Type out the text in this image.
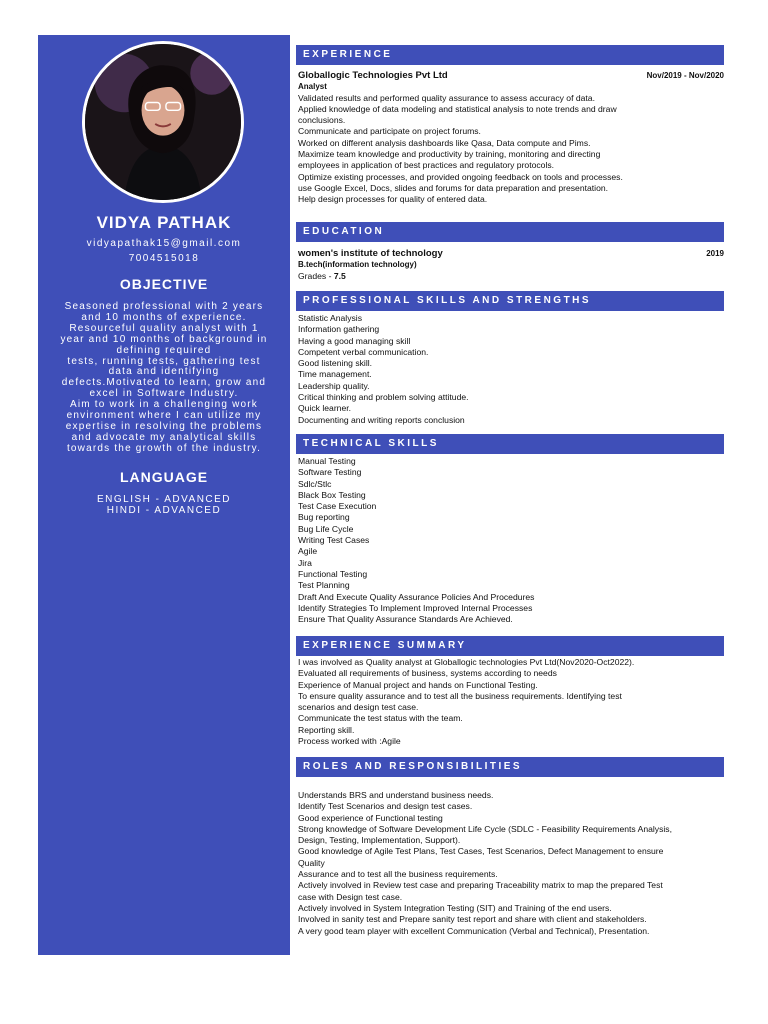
VIDYA PATHAK
vidyapathak15@gmail.com
7004515018
OBJECTIVE

Seasoned professional with 2 years

and 10 months of experience.

Resourceful quality analyst with 1

year and 10 months of background in

defining required

tests, running tests, gathering test

data and identifying

defects.Motivated to learn, grow and

excel in Software Industry.

Aim to work in a challenging work

environment where I can utilize my

expertise in resolving the problems

and advocate my analytical skills

towards the growth of the industry.

LANGUAGE
ENGLISH - ADVANCED
HINDI - ADVANCED
EXPERIENCE
Globallogic Technologies Pvt Ltd	Nov/2019 - Nov/2020
Analyst
Validated results and performed quality assurance to assess accuracy of data.
Applied knowledge of data modeling and statistical analysis to note trends and draw
conclusions.
Communicate and participate on project forums.
Worked on different analysis dashboards like Qasa, Data compute and Pims.
Maximize team knowledge and productivity by training, monitoring and directing
employees in application of best practices and regulatory protocols.
Optimize existing processes, and provided ongoing feedback on tools and processes.
use Google Excel, Docs, slides and forums for data preparation and presentation.
Help design processes for quality of entered data.
EDUCATION
women's institute of technology	2019
B.tech(information technology)
Grades - 7.5
PROFESSIONAL SKILLS AND STRENGTHS
Statistic Analysis
Information gathering
Having a good managing skill
Competent verbal communication.
Good listening skill.
Time management.
Leadership quality.
Critical thinking and problem solving attitude.
Quick learner.
Documenting and writing reports conclusion
TECHNICAL SKILLS
Manual Testing
Software Testing
Sdlc/Stlc
Black Box Testing
Test Case Execution
Bug reporting
Bug Life Cycle
Writing Test Cases
Agile
Jira
Functional Testing
Test Planning
Draft And Execute Quality Assurance Policies And Procedures
Identify Strategies To Implement Improved Internal Processes
Ensure That Quality Assurance Standards Are Achieved.
EXPERIENCE SUMMARY
I was involved as Quality analyst at Globallogic technologies Pvt Ltd(Nov2020-Oct2022).
Evaluated all requirements of business, systems according to needs
Experience of Manual project and hands on Functional Testing.
To ensure quality assurance and to test all the business requirements. Identifying test
scenarios and design test case.
Communicate the test status with the team.
Reporting skill.
Process worked with :Agile
ROLES AND RESPONSIBILITIES
Understands BRS and understand business needs.
Identify Test Scenarios and design test cases.
Good experience of Functional testing
Strong knowledge of Software Development Life Cycle (SDLC - Feasibility Requirements Analysis,
Design, Testing, Implementation, Support).
Good knowledge of Agile Test Plans, Test Cases, Test Scenarios, Defect Management to ensure
Quality
Assurance and to test all the business requirements.
Actively involved in Review test case and preparing Traceability matrix to map the prepared Test
case with Design test case.
Actively involved in System Integration Testing (SIT) and Training of the end users.
Involved in sanity test and Prepare sanity test report and share with client and stakeholders.
A very good team player with excellent Communication (Verbal and Technical), Presentation.
